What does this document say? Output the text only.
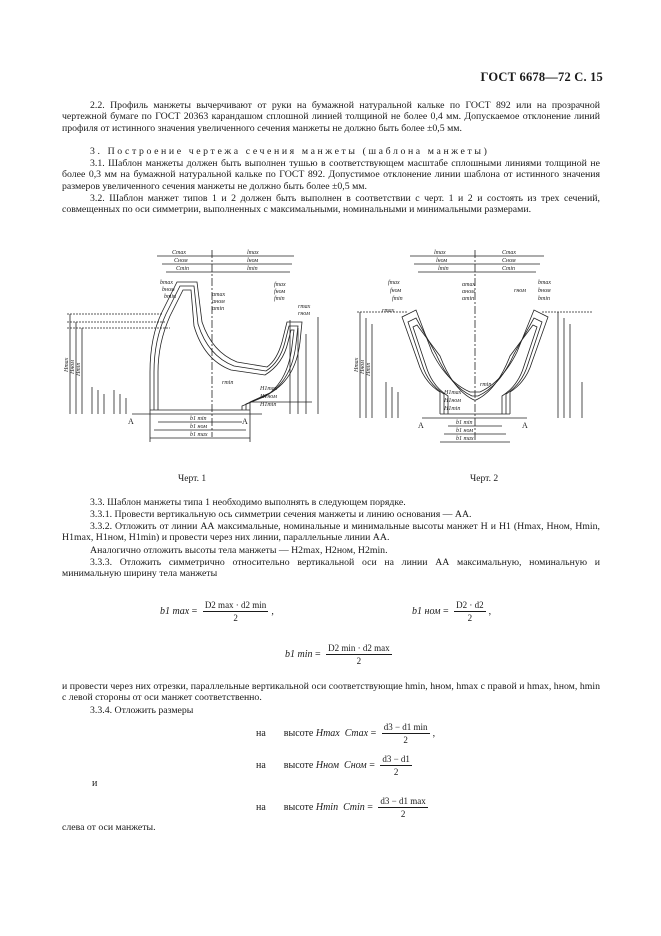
ГОСТ 6678—72 С. 15

2.2. Профиль манжеты вычерчивают от руки на бумажной натуральной кальке по ГОСТ 892 или на прозрачной чертежной бумаге по ГОСТ 20363 карандашом сплошной линией толщиной не более 0,4 мм. Допускаемое отклонение линий профиля от истинного значения увеличенного сечения манжеты не должно быть более ±0,5 мм.

3. Построение чертежа сечения манжеты (шаблона манжеты)

3.1. Шаблон манжеты должен быть выполнен тушью в соответствующем масштабе сплошными линиями толщиной не более 0,3 мм на бумажной натуральной кальке по ГОСТ 892. Допустимое отклонение линии шаблона от истинного значения размеров увеличенного сечения манжеты не должно быть более ±0,5 мм.

3.2. Шаблон манжет типов 1 и 2 должен быть выполнен в соответствии с черт. 1 и 2 и состоять из трех сечений, совмещенных по оси симметрии, выполненных с максимальными, номинальными и минимальными размерами.

Cmax
Cном
Cmin
lmax
lном
lmin
bmax
bном
bmin
fmax
fном
fmin
αmax
αном
αmin	rmax
rном
rmin
Hmax Hном Hmin
H1max
H1ном
H1min
b1 min
b1 ном
b1 max
A	A
Черт. 1
lmax
lном
lmin
Cmax
Cном
Cmin
fmax
fном
fmin
rmax
αmax
αном
αmin
bmax
bном
bmin
rном
rmin
Hmax Hном Hmin
H1max
H1ном
H1min
b1 min
b1 ном
b1 max
A	A
Черт. 2

3.3. Шаблон манжеты типа 1 необходимо выполнять в следующем порядке.

3.3.1. Провести вертикальную ось симметрии сечения манжеты и линию основания — АА.

3.3.2. Отложить от линии АА максимальные, номинальные и минимальные высоты манжет H и H1 (Hmax, Hном, Hmin, H1max, H1ном, H1min) и провести через них линии, параллельные линии АА.

Аналогично отложить высоты тела манжеты — H2max, H2ном, H2min.

3.3.3. Отложить симметрично относительно вертикальной оси на линии АА максимальную, номинальную и минимальную ширину тела манжеты

b1 $\max = \frac{D2 \max \cdot d2 \min}{2}$ ,	b1 ном = $\frac{D2 \cdot d2}{2}$ ,
b1 $\min = \frac{D2 \min \cdot d2 \max}{2}$

и провести через них отрезки, параллельные вертикальной оси соответствующие hmin, hном, hmax с правой и hmax, hном, hmin с левой стороны от оси манжет соответственно.

3.3.4. Отложить размеры

на высоте Hmax $Cmax = \frac{d3 - d1 \min}{2}$ ,
на высоте Hном Cном = $\frac{d3 - d1}{2}$
и
на высоте Hmin $Cmin = \frac{d3 - d1 \max}{2}$

слева от оси манжеты.
